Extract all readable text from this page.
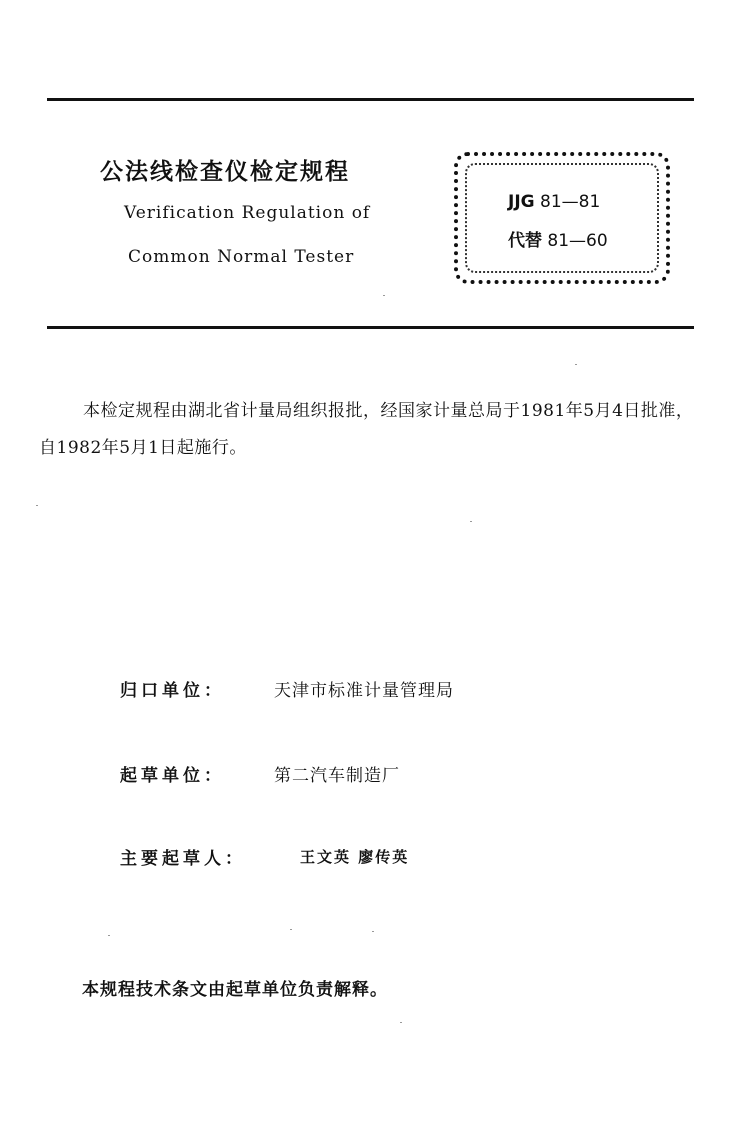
公法线检查仪检定规程
Verification Regulation of
Common Normal Tester
JJG 81—81
代替 81—60
本检定规程由湖北省计量局组织报批，经国家计量总局于1981年5月4日批准，自1982年5月1日起施行。
归口单位：	天津市标准计量管理局
起草单位：	第二汽车制造厂
主要起草人：	王文英 廖传英
本规程技术条文由起草单位负责解释。
